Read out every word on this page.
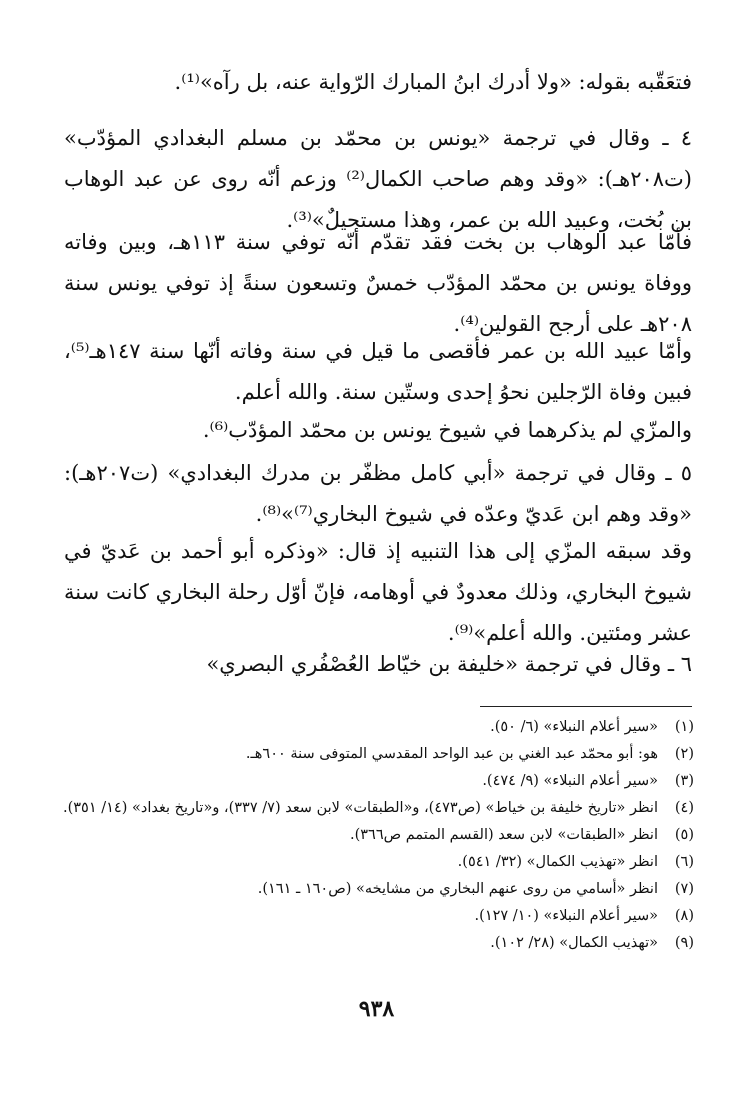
فتعَقّبه بقوله: «ولا أدرك ابنُ المبارك الرّواية عنه، بل رآه»⁽¹⁾.
٤ ـ وقال في ترجمة «يونس بن محمّد بن مسلم البغدادي المؤدّب» (ت٢٠٨هـ): «وقد وهم صاحب الكمال⁽²⁾ وزعم أنّه روى عن عبد الوهاب بن بُخت، وعبيد الله بن عمر، وهذا مستحيلٌ»⁽³⁾.
فأمّا عبد الوهاب بن بخت فقد تقدّم أنّه توفي سنة ١١٣هـ، وبين وفاته ووفاة يونس بن محمّد المؤدّب خمسٌ وتسعون سنةً إذ توفي يونس سنة ٢٠٨هـ على أرجح القولين⁽⁴⁾.
وأمّا عبيد الله بن عمر فأقصى ما قيل في سنة وفاته أنّها سنة ١٤٧هـ⁽⁵⁾، فبين وفاة الرّجلين نحوُ إحدى وستّين سنة. والله أعلم.
والمزّي لم يذكرهما في شيوخ يونس بن محمّد المؤدّب⁽⁶⁾.
٥ ـ وقال في ترجمة «أبي كامل مظفّر بن مدرك البغدادي» (ت٢٠٧هـ): «وقد وهم ابن عَديّ وعدّه في شيوخ البخاري⁽⁷⁾»⁽⁸⁾.
وقد سبقه المزّي إلى هذا التنبيه إذ قال: «وذكره أبو أحمد بن عَديّ في شيوخ البخاري، وذلك معدودٌ في أوهامه، فإنّ أوّل رحلة البخاري كانت سنة عشر ومئتين. والله أعلم»⁽⁹⁾.
٦ ـ وقال في ترجمة «خليفة بن خيّاط العُصْفُري البصري»
(١)
«سير أعلام النبلاء» (٦/ ٥٠).
(٢)
هو: أبو محمّد عبد الغني بن عبد الواحد المقدسي المتوفى سنة ٦٠٠هـ.
(٣)
«سير أعلام النبلاء» (٩/ ٤٧٤).
(٤)
انظر «تاريخ خليفة بن خياط» (ص٤٧٣)، و«الطبقات» لابن سعد (٧/ ٣٣٧)، و«تاريخ بغداد» (١٤/ ٣٥١).
(٥)
انظر «الطبقات» لابن سعد (القسم المتمم ص٣٦٦).
(٦)
انظر «تهذيب الكمال» (٣٢/ ٥٤١).
(٧)
انظر «أسامي من روى عنهم البخاري من مشايخه» (ص١٦٠ ـ ١٦١).
(٨)
«سير أعلام النبلاء» (١٠/ ١٢٧).
(٩)
«تهذيب الكمال» (٢٨/ ١٠٢).
٩٣٨
